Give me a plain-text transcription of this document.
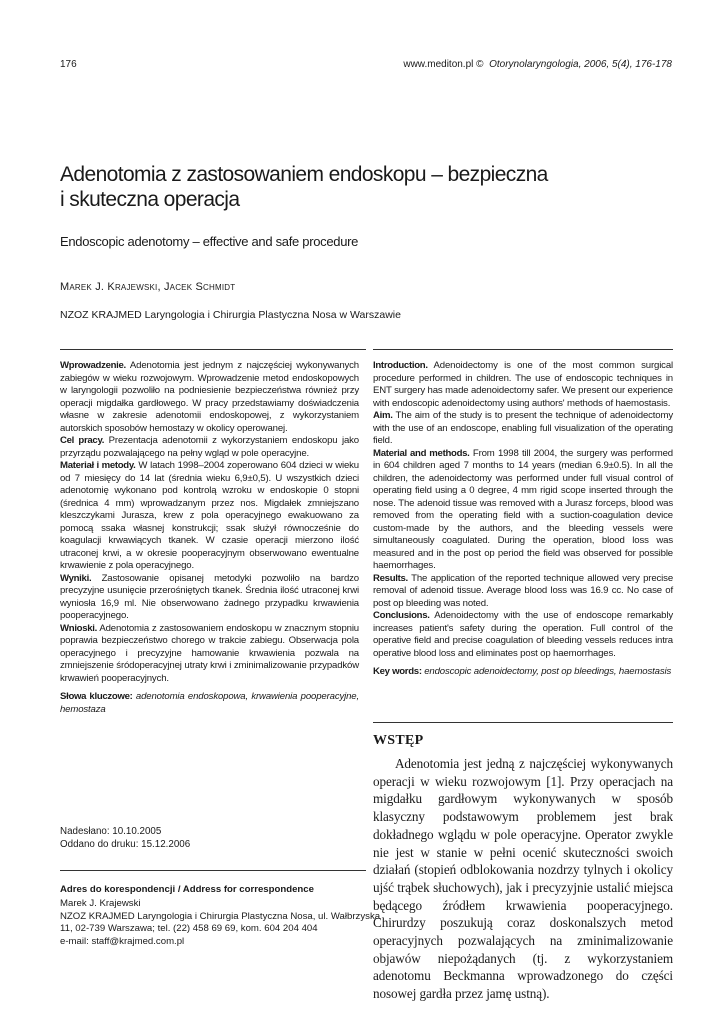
176	www.mediton.pl © Otorynolaryngologia, 2006, 5(4), 176-178
Adenotomia z zastosowaniem endoskopu – bezpieczna
i skuteczna operacja
Endoscopic adenotomy – effective and safe procedure
Marek J. Krajewski, Jacek Schmidt
NZOZ KRAJMED Laryngologia i Chirurgia Plastyczna Nosa w Warszawie

Wprowadzenie. Adenotomia jest jednym z najczęściej wykonywanych zabiegów w wieku rozwojowym. Wprowadzenie metod endoskopowych w laryngologii pozwoliło na podniesienie bezpieczeństwa również przy operacji migdałka gardłowego. W pracy przedstawiamy doświadczenia własne w zakresie adenotomii endoskopowej, z wykorzystaniem autorskich sposobów hemostazy w okolicy operowanej.

Cel pracy. Prezentacja adenotomii z wykorzystaniem endoskopu jako przyrządu pozwalającego na pełny wgląd w pole operacyjne.

Materiał i metody. W latach 1998–2004 zoperowano 604 dzieci w wieku od 7 miesięcy do 14 lat (średnia wieku 6,9±0,5). U wszystkich dzieci adenotomię wykonano pod kontrolą wzroku w endoskopie 0 stopni (średnica 4 mm) wprowadzanym przez nos. Migdałek zmniejszano kleszczykami Jurasza, krew z pola operacyjnego ewakuowano za pomocą ssaka własnej konstrukcji; ssak służył równocześnie do koagulacji krwawiących tkanek. W czasie operacji mierzono ilość utraconej krwi, a w okresie pooperacyjnym obserwowano ewentualne krwawienie z pola operacyjnego.

Wyniki. Zastosowanie opisanej metodyki pozwoliło na bardzo precyzyjne usunięcie przerośniętych tkanek. Średnia ilość utraconej krwi wyniosła 16,9 ml. Nie obserwowano żadnego przypadku krwawienia pooperacyjnego.

Wnioski. Adenotomia z zastosowaniem endoskopu w znacznym stopniu poprawia bezpieczeństwo chorego w trakcie zabiegu. Obserwacja pola operacyjnego i precyzyjne hamowanie krwawienia pozwala na zmniejszenie śródoperacyjnej utraty krwi i zminimalizowanie przypadków krwawień pooperacyjnych.

Słowa kluczowe: adenotomia endoskopowa, krwawienia pooperacyjne, hemostaza

Introduction. Adenoidectomy is one of the most common surgical procedure performed in children. The use of endoscopic techniques in ENT surgery has made adenoidectomy safer. We present our experience with endoscopic adenoidectomy using authors' methods of haemostasis.

Aim. The aim of the study is to present the technique of adenoidectomy with the use of an endoscope, enabling full visualization of the operating field.

Material and methods. From 1998 till 2004, the surgery was performed in 604 children aged 7 months to 14 years (median 6.9±0.5). In all the children, the adenoidectomy was performed under full visual control of operating field using a 0 degree, 4 mm rigid scope inserted through the nose. The adenoid tissue was removed with a Jurasz forceps, blood was removed from the operating field with a suction-coagulation device custom-made by the authors, and the bleeding vessels were simultaneously coagulated. During the operation, blood loss was measured and in the post op period the field was observed for possible haemorrhages.

Results. The application of the reported technique allowed very precise removal of adenoid tissue. Average blood loss was 16.9 cc. No case of post op bleeding was noted.

Conclusions. Adenoidectomy with the use of endoscope remarkably increases patient's safety during the operation. Full control of the operative field and precise coagulation of bleeding vessels reduces intra operative blood loss and eliminates post op haemorrhages.

Key words: endoscopic adenoidectomy, post op bleedings, haemostasis

WSTĘP

Adenotomia jest jedną z najczęściej wykonywanych operacji w wieku rozwojowym [1]. Przy operacjach na migdałku gardłowym wykonywanych w sposób klasyczny podstawowym problemem jest brak dokładnego wglądu w pole operacyjne. Operator zwykle nie jest w stanie w pełni ocenić skuteczności swoich działań (stopień odblokowania nozdrzy tylnych i okolicy ujść trąbek słuchowych), jak i precyzyjnie ustalić miejsca będącego źródłem krwawienia pooperacyjnego. Chirurdzy poszukują coraz doskonalszych metod operacyjnych pozwalających na zminimalizowanie objawów niepożądanych (tj. z wykorzystaniem adenotomu Beckmanna wprowadzonego do części nosowej gardła przez jamę ustną).

Nadesłano: 10.10.2005
Oddano do druku: 15.12.2006
Adres do korespondencji / Address for correspondence
Marek J. Krajewski
NZOZ KRAJMED Laryngologia i Chirurgia Plastyczna Nosa, ul. Wałbrzyska
11, 02-739 Warszawa; tel. (22) 458 69 69, kom. 604 204 404
e-mail: staff@krajmed.com.pl
